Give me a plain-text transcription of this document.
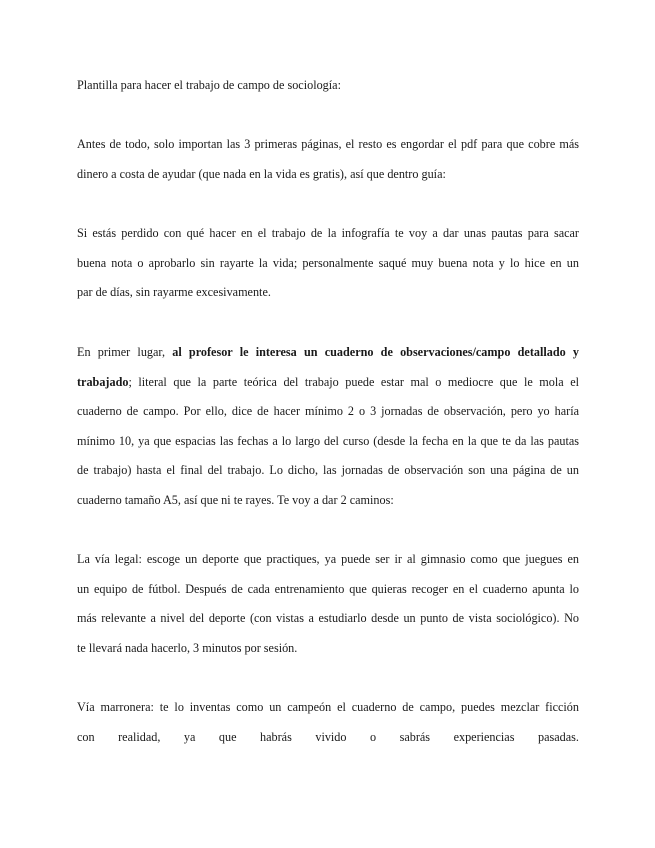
Plantilla para hacer el trabajo de campo de sociología:
Antes de todo, solo importan las 3 primeras páginas, el resto es engordar el pdf para que cobre más
dinero a costa de ayudar (que nada en la vida es gratis), así que dentro guía:
Si estás perdido con qué hacer en el trabajo de la infografía te voy a dar unas pautas para sacar
buena nota o aprobarlo sin rayarte la vida; personalmente saqué muy buena nota y lo hice en un
par de días, sin rayarme excesivamente.
En primer lugar, al profesor le interesa un cuaderno de observaciones/campo detallado y
trabajado; literal que la parte teórica del trabajo puede estar mal o mediocre que le mola el
cuaderno de campo. Por ello, dice de hacer mínimo 2 o 3 jornadas de observación, pero yo haría
mínimo 10, ya que espacias las fechas a lo largo del curso (desde la fecha en la que te da las pautas
de trabajo) hasta el final del trabajo. Lo dicho, las jornadas de observación son una página de un
cuaderno tamaño A5, así que ni te rayes. Te voy a dar 2 caminos:
La vía legal: escoge un deporte que practiques, ya puede ser ir al gimnasio como que juegues en
un equipo de fútbol. Después de cada entrenamiento que quieras recoger en el cuaderno apunta lo
más relevante a nivel del deporte (con vistas a estudiarlo desde un punto de vista sociológico). No
te llevará nada hacerlo, 3 minutos por sesión.
Vía marronera: te lo inventas como un campeón el cuaderno de campo, puedes mezclar ficción
con realidad, ya que habrás vivido o sabrás experiencias pasadas.
